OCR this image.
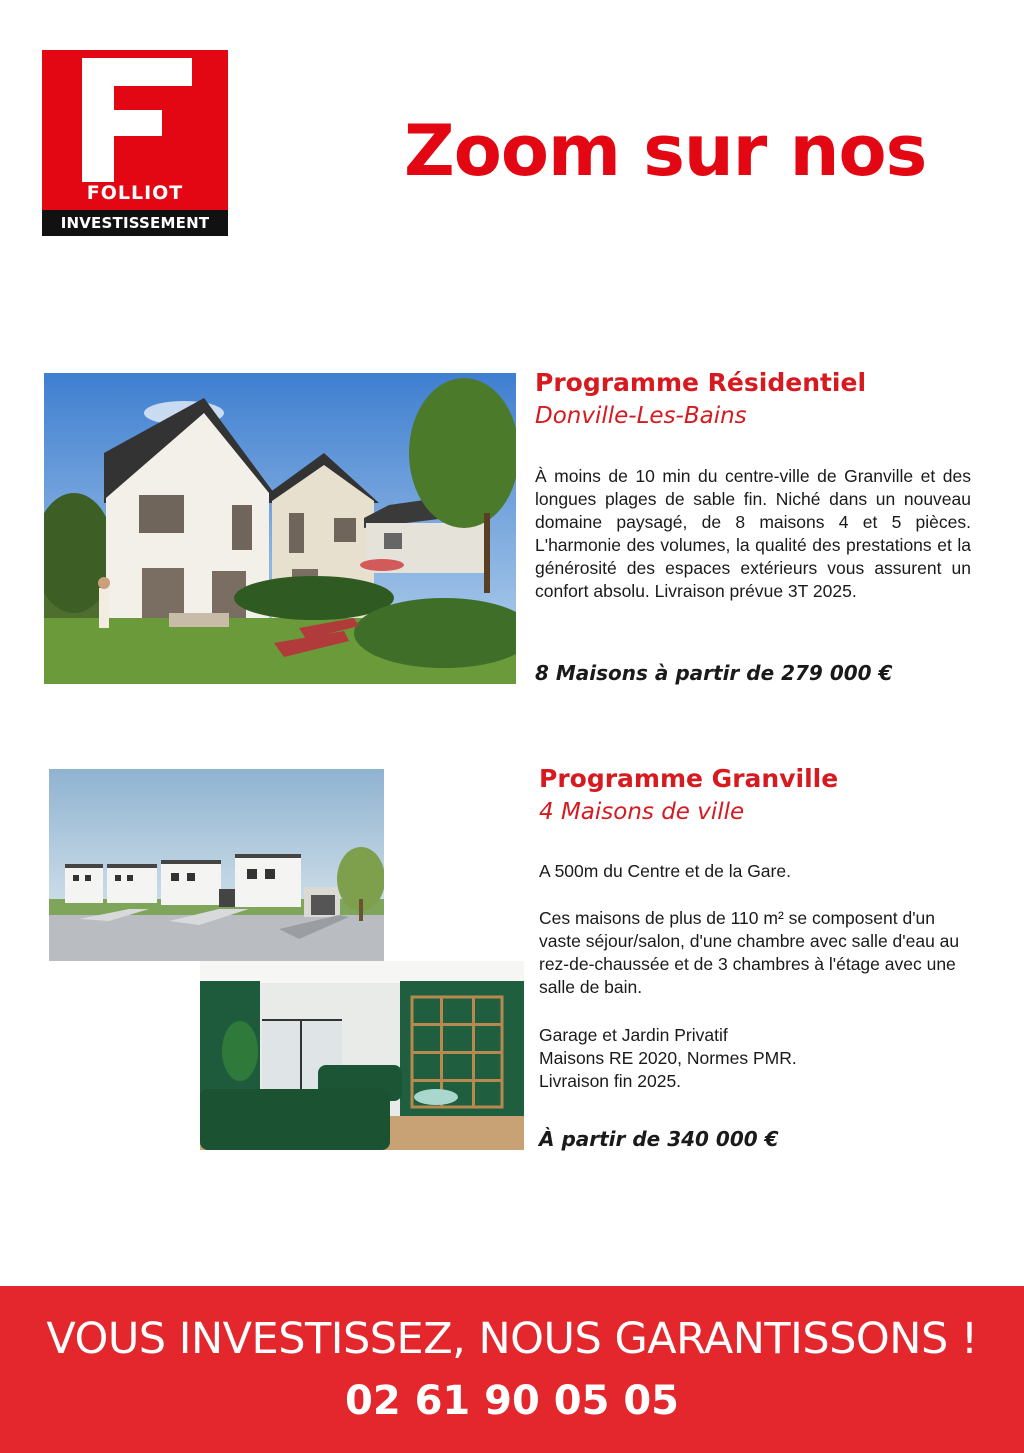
FOLLIOT
INVESTISSEMENT
Zoom sur nos
Programme Résidentiel
Donville-Les-Bains
À moins de 10 min du centre-ville de Granville et des longues plages de sable fin. Niché dans un nouveau domaine paysagé, de 8 maisons 4 et 5 pièces. L'harmonie des volumes, la qualité des prestations et la générosité des espaces extérieurs vous assurent un confort absolu. Livraison prévue 3T 2025.
8 Maisons à partir de 279 000 €
Programme Granville
4 Maisons de ville
A 500m du Centre et de la Gare.
Ces maisons de plus de 110 m² se composent d'un vaste séjour/salon, d'une chambre avec salle d'eau au rez-de-chaussée et de 3 chambres à l'étage avec une salle de bain.
Garage et Jardin Privatif
Maisons RE 2020, Normes PMR.
Livraison fin 2025.
À partir de 340 000 €
VOUS INVESTISSEZ, NOUS GARANTISSONS !
02 61 90 05 05
